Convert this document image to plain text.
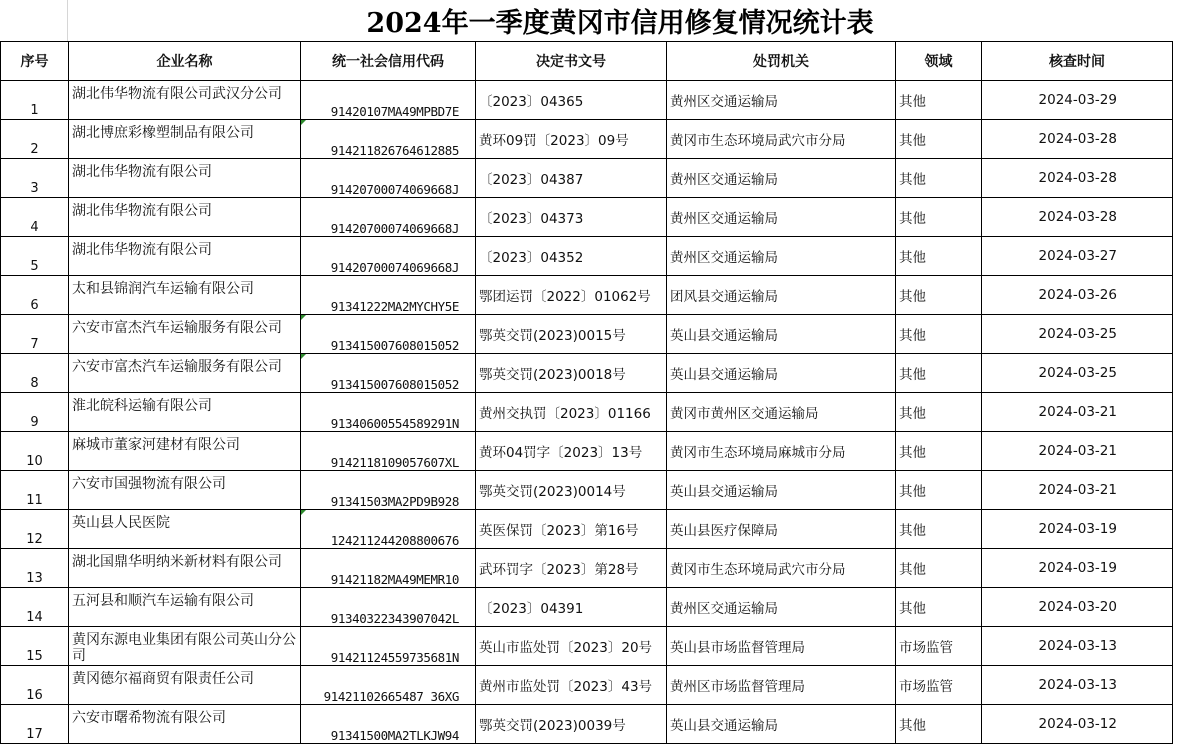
2024年一季度黄冈市信用修复情况统计表
序号	企业名称	统一社会信用代码	决定书文号	处罚机关	领域	核查时间
1	湖北伟华物流有限公司武汉分公司	91420107MA49MPBD7E	〔2023〕04365	黄州区交通运输局	其他	2024-03-29
2	湖北博庶彩橡塑制品有限公司	914211826764612885	黄环09罚〔2023〕09号	黄冈市生态环境局武穴市分局	其他	2024-03-28
3	湖北伟华物流有限公司	91420700074069668J	〔2023〕04387	黄州区交通运输局	其他	2024-03-28
4	湖北伟华物流有限公司	91420700074069668J	〔2023〕04373	黄州区交通运输局	其他	2024-03-28
5	湖北伟华物流有限公司	91420700074069668J	〔2023〕04352	黄州区交通运输局	其他	2024-03-27
6	太和县锦润汽车运输有限公司	91341222MA2MYCHY5E	鄂团运罚〔2022〕01062号	团风县交通运输局	其他	2024-03-26
7	六安市富杰汽车运输服务有限公司	913415007608015052	鄂英交罚(2023)0015号	英山县交通运输局	其他	2024-03-25
8	六安市富杰汽车运输服务有限公司	913415007608015052	鄂英交罚(2023)0018号	英山县交通运输局	其他	2024-03-25
9	淮北皖科运输有限公司	91340600554589291N	黄州交执罚〔2023〕01166	黄冈市黄州区交通运输局	其他	2024-03-21
10	麻城市董家河建材有限公司	9142118109057607XL	黄环04罚字〔2023〕13号	黄冈市生态环境局麻城市分局	其他	2024-03-21
11	六安市国强物流有限公司	91341503MA2PD9B928	鄂英交罚(2023)0014号	英山县交通运输局	其他	2024-03-21
12	英山县人民医院	124211244208800676	英医保罚〔2023〕第16号	英山县医疗保障局	其他	2024-03-19
13	湖北国鼎华明纳米新材料有限公司	91421182MA49MEMR10	武环罚字〔2023〕第28号	黄冈市生态环境局武穴市分局	其他	2024-03-19
14	五河县和顺汽车运输有限公司	91340322343907042L	〔2023〕04391	黄州区交通运输局	其他	2024-03-20
15	黄冈东源电业集团有限公司英山分公司	91421124559735681N	英山市监处罚〔2023〕20号	英山县市场监督管理局	市场监管	2024-03-13
16	黄冈德尔福商贸有限责任公司	91421102665487 36XG	黄州市监处罚〔2023〕43号	黄州区市场监督管理局	市场监管	2024-03-13
17	六安市曙希物流有限公司	91341500MA2TLKJW94	鄂英交罚(2023)0039号	英山县交通运输局	其他	2024-03-12
